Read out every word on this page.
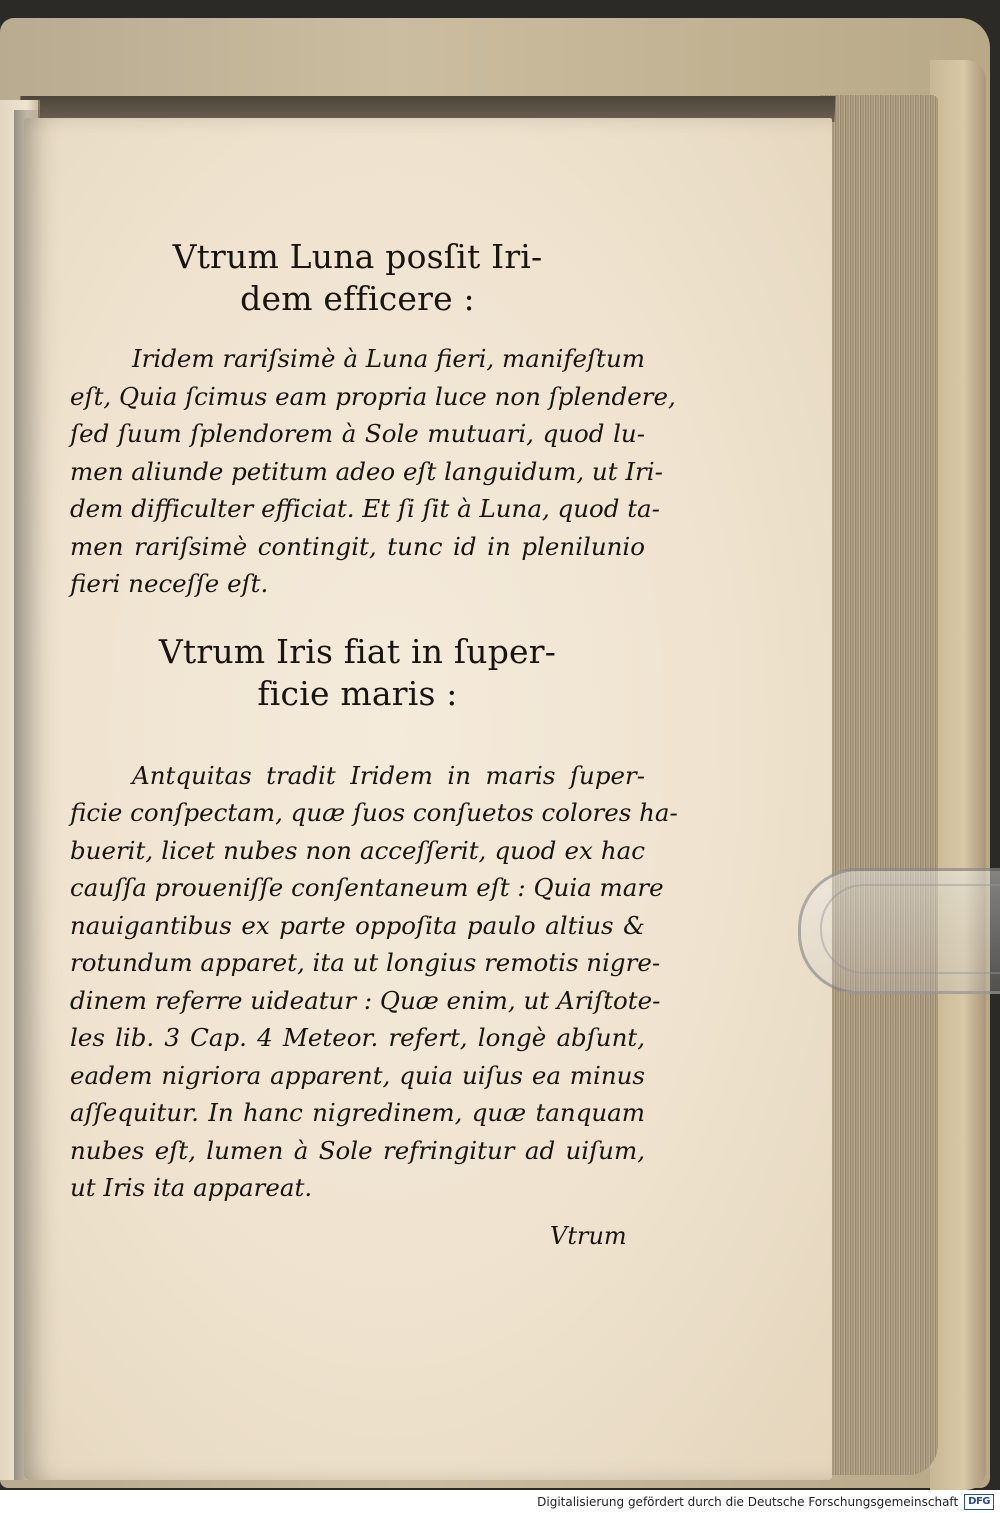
Vtrum Luna posſit Iri-
dem efficere :
Iridem rariſsimè à Luna fieri, manifeſtum
eſt, Quia ſcimus eam propria luce non ſplendere,
ſed ſuum ſplendorem à Sole mutuari, quod lu-
men aliunde petitum adeo eſt languidum, ut Iri-
dem difficulter efficiat. Et ſi ſit à Luna, quod ta-
men rariſsimè contingit, tunc id in plenilunio
fieri neceſſe eſt.
Vtrum Iris fiat in ſuper-
ficie maris :
Antquitas tradit Iridem in maris ſuper-
ficie conſpectam, quæ ſuos conſuetos colores ha-
buerit, licet nubes non acceſſerit, quod ex hac
cauſſa proueniſſe conſentaneum eſt : Quia mare
nauigantibus ex parte oppoſita paulo altius &
rotundum apparet, ita ut longius remotis nigre-
dinem referre uideatur : Quæ enim, ut Ariſtote-
les lib. 3 Cap. 4 Meteor. refert, longè abſunt,
eadem nigriora apparent, quia uiſus ea minus
aſſequitur. In hanc nigredinem, quæ tanquam
nubes eſt, lumen à Sole refringitur ad uiſum,
ut Iris ita appareat.
Vtrum
Digitalisierung gefördert durch die Deutsche Forschungsgemeinschaft	DFG
